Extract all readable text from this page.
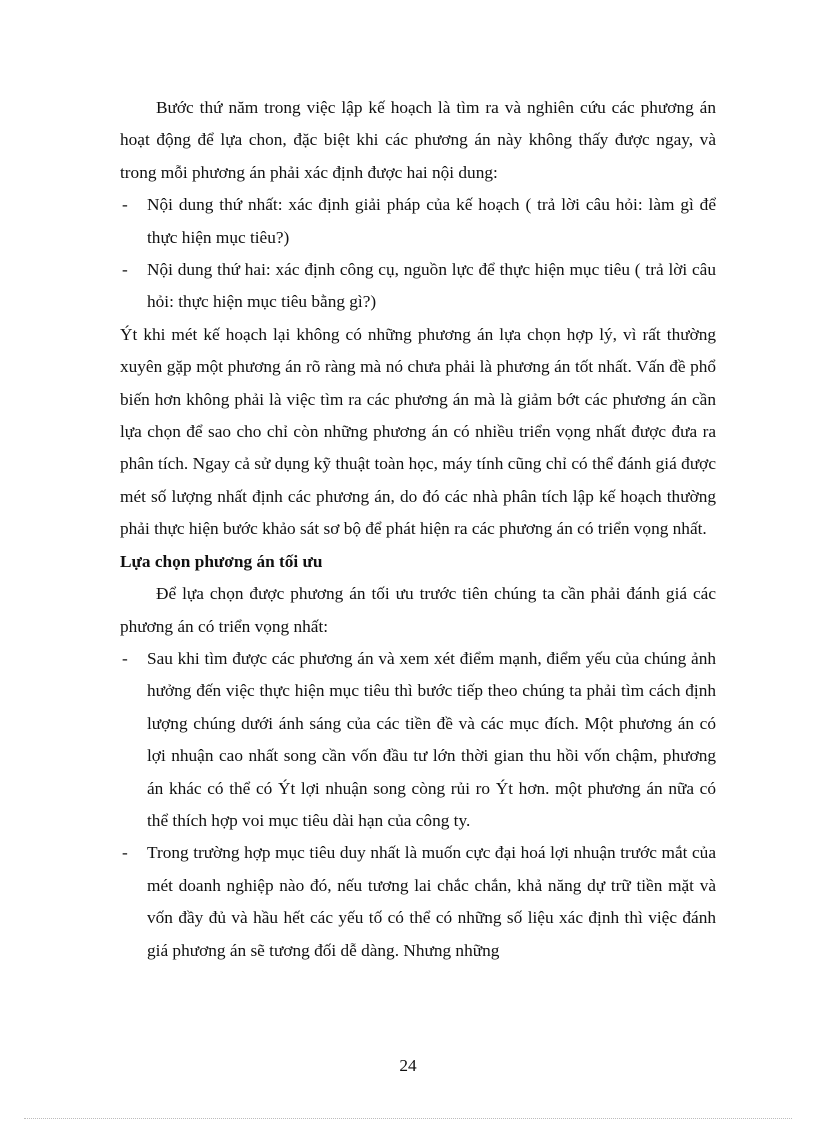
Bước thứ năm trong việc lập kế hoạch là tìm ra và nghiên cứu các phương án hoạt động để lựa chon, đặc biệt khi các phương án này không thấy được ngay, và trong mỗi phương án phải xác định được hai nội dung:

- Nội dung thứ nhất: xác định giải pháp của kế hoạch ( trả lời câu hỏi: làm gì để thực hiện mục tiêu?)
- Nội dung thứ hai: xác định công cụ, nguồn lực để thực hiện mục tiêu ( trả lời câu hỏi: thực hiện mục tiêu bằng gì?)

Ýt khi mét kế hoạch lại không có những phương án lựa chọn hợp lý, vì rất thường xuyên gặp một phương án rõ ràng mà nó chưa phải là phương án tốt nhất. Vấn đề phổ biến hơn không phải là việc tìm ra các phương án mà là giảm bớt các phương án cần lựa chọn để sao cho chỉ còn những phương án có nhiều triển vọng nhất được đưa ra phân tích. Ngay cả sử dụng kỹ thuật toàn học, máy tính cũng chỉ có thể đánh giá được mét số lượng nhất định các phương án, do đó các nhà phân tích lập kế hoạch thường phải thực hiện bước khảo sát sơ bộ để phát hiện ra các phương án có triển vọng nhất.

Lựa chọn phương án tối ưu

Để lựa chọn được phương án tối ưu trước tiên chúng ta cần phải đánh giá các phương án có triển vọng nhất:

- Sau khi tìm được các phương án và xem xét điểm mạnh, điểm yếu của chúng ảnh hưởng đến việc thực hiện mục tiêu thì bước tiếp theo chúng ta phải tìm cách định lượng chúng dưới ánh sáng của các tiền đề và các mục đích. Một phương án có lợi nhuận cao nhất song cần vốn đầu tư lớn thời gian thu hồi vốn chậm, phương án khác có thể có Ýt lợi nhuận song còng rủi ro Ýt hơn. một phương án nữa có thể thích hợp voi mục tiêu dài hạn của công ty.
- Trong trường hợp mục tiêu duy nhất là muốn cực đại hoá lợi nhuận trước mắt của mét doanh nghiệp nào đó, nếu tương lai chắc chắn, khả năng dự trữ tiền mặt và vốn đầy đủ và hầu hết các yếu tố có thể có những số liệu xác định thì việc đánh giá phương án sẽ tương đối dễ dàng. Nhưng những
24
